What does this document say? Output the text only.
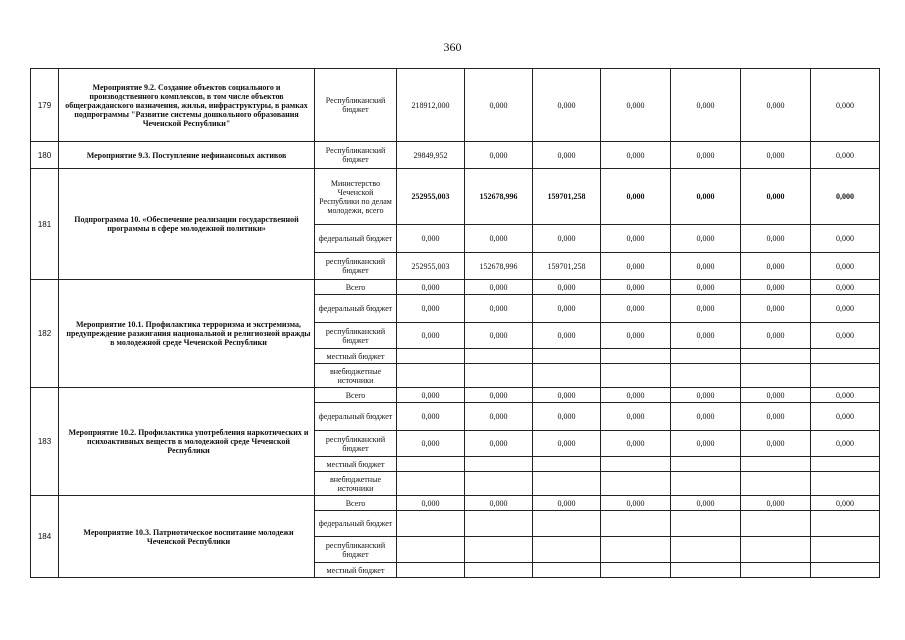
360
179	Мероприятие 9.2. Создание объектов социального и производственного комплексов, в том числе объектов общегражданского назначения, жилья, инфраструктуры, в рамках подпрограммы "Развитие системы дошкольного образования Чеченской Республики"	Республиканский бюджет	218912,000	0,000	0,000	0,000	0,000	0,000	0,000
180	Мероприятие 9.3. Поступление нефинансовых активов	Республиканский бюджет	29849,952	0,000	0,000	0,000	0,000	0,000	0,000
181	Подпрограмма 10. «Обеспечение реализации государственной программы в сфере молодежной политики»	Министерство Чеченской Республики по делам молодежи, всего	252955,003	152678,996	159701,258	0,000	0,000	0,000	0,000
		федеральный бюджет	0,000	0,000	0,000	0,000	0,000	0,000	0,000
		республиканский бюджет	252955,003	152678,996	159701,258	0,000	0,000	0,000	0,000
182	Мероприятие 10.1. Профилактика терроризма и экстремизма, предупреждение разжигания национальной и религиозной вражды в молодежной среде Чеченской Республики	Всего	0,000	0,000	0,000	0,000	0,000	0,000	0,000
		федеральный бюджет	0,000	0,000	0,000	0,000	0,000	0,000	0,000
		республиканский бюджет	0,000	0,000	0,000	0,000	0,000	0,000	0,000
		местный бюджет							
		внебюджетные источники							
183	Мероприятие 10.2. Профилактика употребления наркотических и психоактивных веществ в молодежной среде Чеченской Республики	Всего	0,000	0,000	0,000	0,000	0,000	0,000	0,000
		федеральный бюджет	0,000	0,000	0,000	0,000	0,000	0,000	0,000
		республиканский бюджет	0,000	0,000	0,000	0,000	0,000	0,000	0,000
		местный бюджет							
		внебюджетные источники							
184	Мероприятие 10.3. Патриотическое воспитание молодежи Чеченской Республики	Всего	0,000	0,000	0,000	0,000	0,000	0,000	0,000
		федеральный бюджет							
		республиканский бюджет							
		местный бюджет							
